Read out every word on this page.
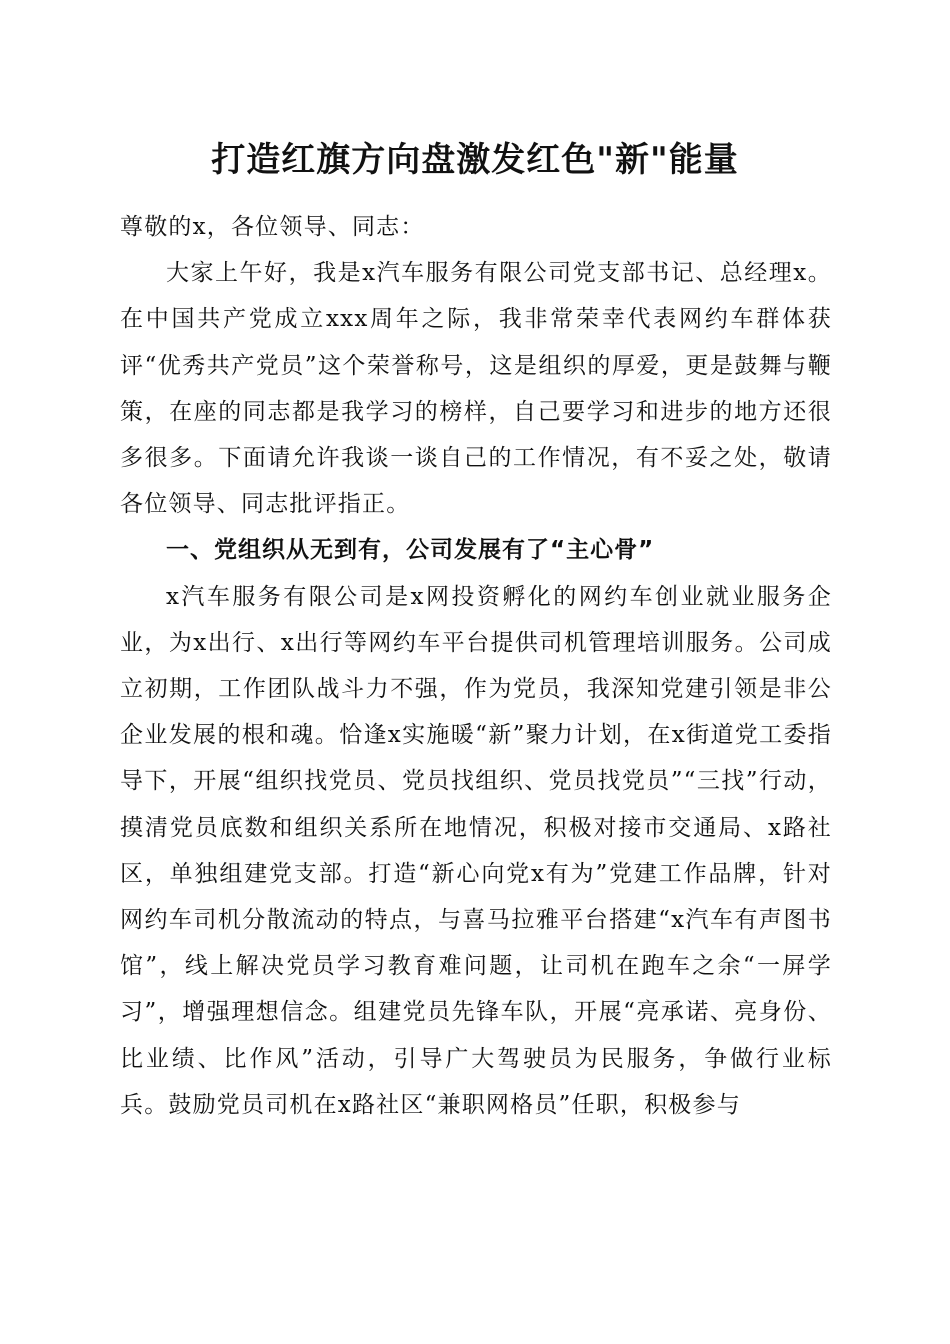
打造红旗方向盘激发红色"新"能量

尊敬的x，各位领导、同志：

大家上午好，我是x汽车服务有限公司党支部书记、总经理x。在中国共产党成立xxx周年之际，我非常荣幸代表网约车群体获评“优秀共产党员”这个荣誉称号，这是组织的厚爱，更是鼓舞与鞭策，在座的同志都是我学习的榜样，自己要学习和进步的地方还很多很多。下面请允许我谈一谈自己的工作情况，有不妥之处，敬请各位领导、同志批评指正。

一、党组织从无到有，公司发展有了“主心骨”

x汽车服务有限公司是x网投资孵化的网约车创业就业服务企业，为x出行、x出行等网约车平台提供司机管理培训服务。公司成立初期，工作团队战斗力不强，作为党员，我深知党建引领是非公企业发展的根和魂。恰逢x实施暖“新”聚力计划，在x街道党工委指导下，开展“组织找党员、党员找组织、党员找党员”“三找”行动，摸清党员底数和组织关系所在地情况，积极对接市交通局、x路社区，单独组建党支部。打造“新心向党x有为”党建工作品牌，针对网约车司机分散流动的特点，与喜马拉雅平台搭建“x汽车有声图书馆”，线上解决党员学习教育难问题，让司机在跑车之余“一屏学习”，增强理想信念。组建党员先锋车队，开展“亮承诺、亮身份、比业绩、比作风”活动，引导广大驾驶员为民服务，争做行业标兵。鼓励党员司机在x路社区“兼职网格员”任职，积极参与
